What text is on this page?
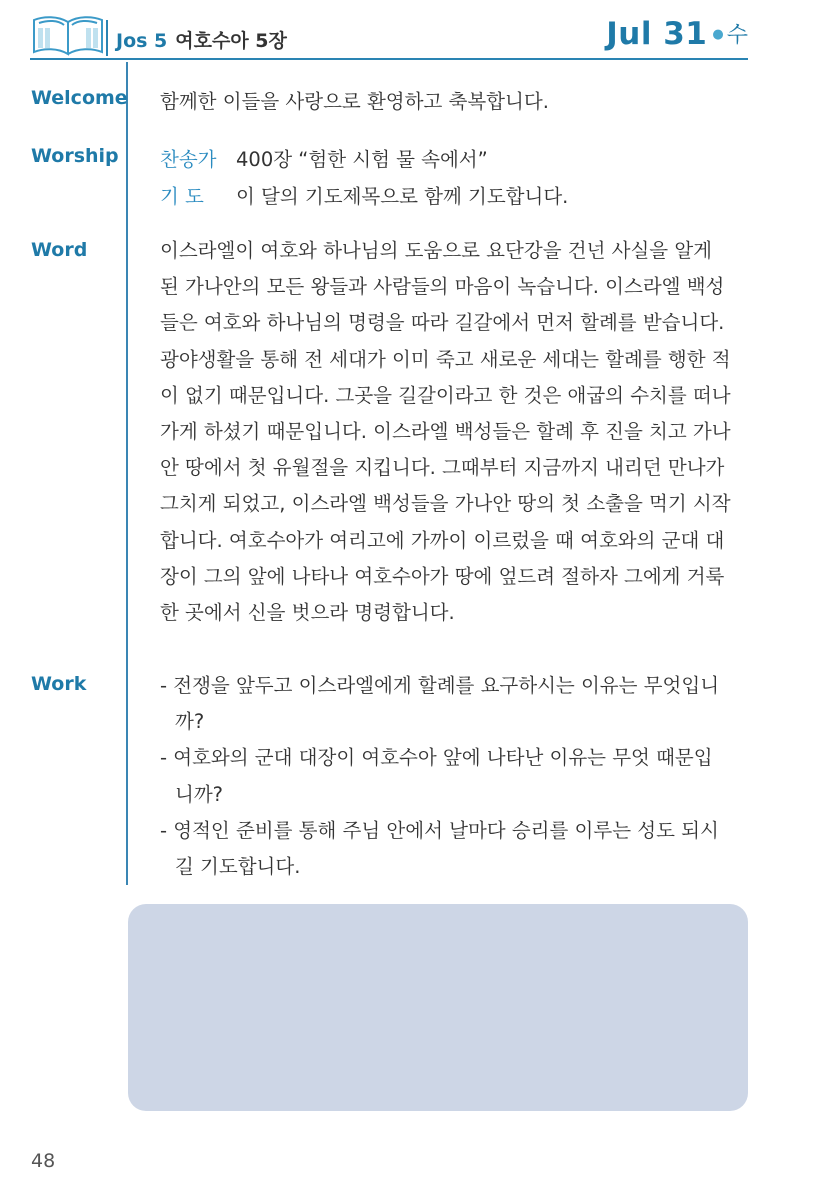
Jos 5 여호수아 5장	Jul 31 ● 수
Welcome 함께한 이들을 사랑으로 환영하고 축복합니다.
Worship 찬송가 400장 “험한 시험 물 속에서”
기 도 이 달의 기도제목으로 함께 기도합니다.
Word	이스라엘이 여호와 하나님의 도움으로 요단강을 건넌 사실을 알게
된 가나안의 모든 왕들과 사람들의 마음이 녹습니다. 이스라엘 백성
들은 여호와 하나님의 명령을 따라 길갈에서 먼저 할례를 받습니다.
광야생활을 통해 전 세대가 이미 죽고 새로운 세대는 할례를 행한 적
이 없기 때문입니다. 그곳을 길갈이라고 한 것은 애굽의 수치를 떠나
가게 하셨기 때문입니다. 이스라엘 백성들은 할례 후 진을 치고 가나
안 땅에서 첫 유월절을 지킵니다. 그때부터 지금까지 내리던 만나가
그치게 되었고, 이스라엘 백성들을 가나안 땅의 첫 소출을 먹기 시작
합니다. 여호수아가 여리고에 가까이 이르렀을 때 여호와의 군대 대
장이 그의 앞에 나타나 여호수아가 땅에 엎드려 절하자 그에게 거룩
한 곳에서 신을 벗으라 명령합니다.
Work	- 전쟁을 앞두고 이스라엘에게 할례를 요구하시는 이유는 무엇입니
까?
- 여호와의 군대 대장이 여호수아 앞에 나타난 이유는 무엇 때문입
니까?
- 영적인 준비를 통해 주님 안에서 날마다 승리를 이루는 성도 되시
길 기도합니다.
48
